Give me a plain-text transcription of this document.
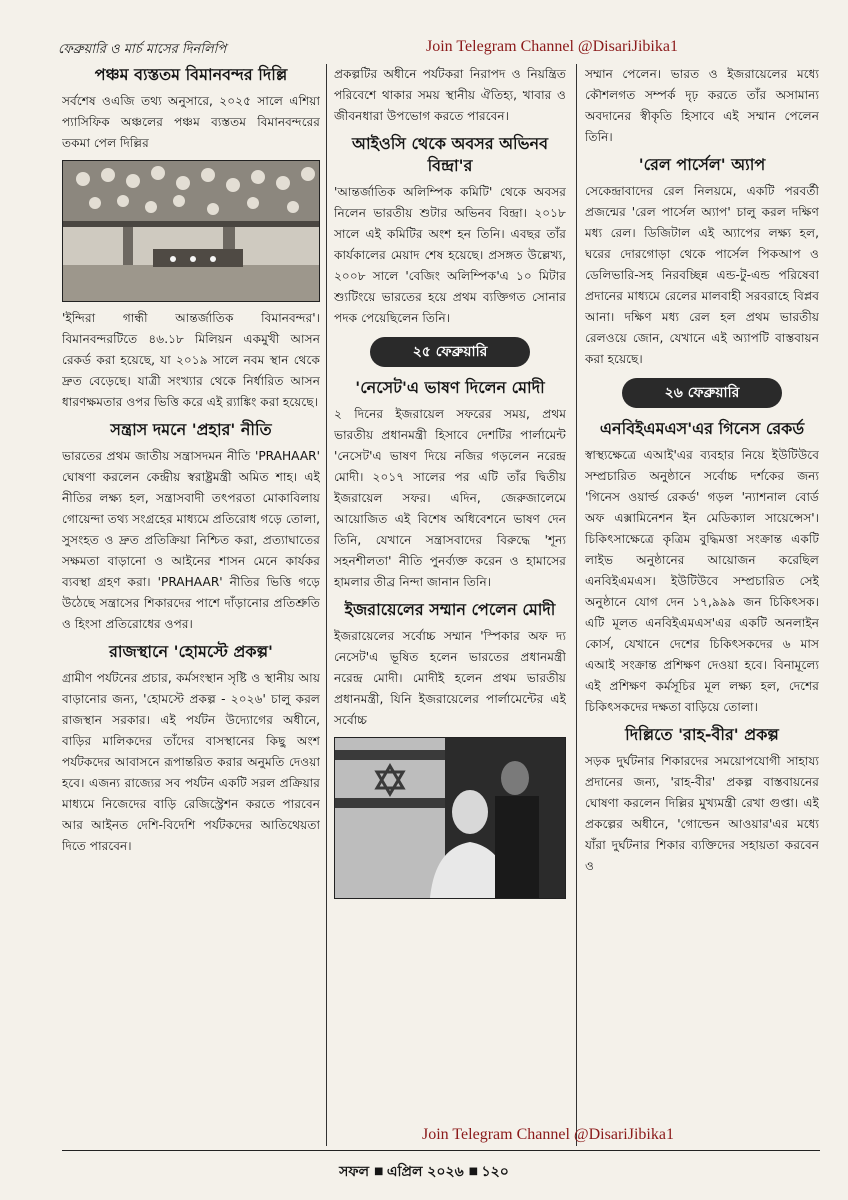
ফেব্রুয়ারি ও মার্চ মাসের দিনলিপি	Join Telegram Channel @DisariJibika1
পঞ্চম ব্যস্ততম বিমানবন্দর দিল্লি

সর্বশেষ ওএজি তথ্য অনুসারে, ২০২৫ সালে এশিয়া প্যাসিফিক অঞ্চলের পঞ্চম ব্যস্ততম বিমানবন্দরের তকমা পেল দিল্লির

'ইন্দিরা গান্ধী আন্তর্জাতিক বিমানবন্দর'। বিমানবন্দরটিতে ৪৬.১৮ মিলিয়ন একমুখী আসন রেকর্ড করা হয়েছে, যা ২০১৯ সালে নবম স্থান থেকে দ্রুত বেড়েছে। যাত্রী সংখ্যার থেকে নির্ধারিত আসন ধারণক্ষমতার ওপর ভিত্তি করে এই র‍্যাঙ্কিং করা হয়েছে।

সন্ত্রাস দমনে 'প্রহার' নীতি

ভারতের প্রথম জাতীয় সন্ত্রাসদমন নীতি 'PRAHAAR' ঘোষণা করলেন কেন্দ্রীয় স্বরাষ্ট্রমন্ত্রী অমিত শাহ। এই নীতির লক্ষ্য হল, সন্ত্রাসবাদী তৎপরতা মোকাবিলায় গোয়েন্দা তথ্য সংগ্রহের মাধ্যমে প্রতিরোধ গড়ে তোলা, সুসংহত ও দ্রুত প্রতিক্রিয়া নিশ্চিত করা, প্রত্যাঘাতের সক্ষমতা বাড়ানো ও আইনের শাসন মেনে কার্যকর ব্যবস্থা গ্রহণ করা। 'PRAHAAR' নীতির ভিত্তি গড়ে উঠেছে সন্ত্রাসের শিকারদের পাশে দাঁড়ানোর প্রতিশ্রুতি ও হিংসা প্রতিরোধের ওপর।

রাজস্থানে 'হোমস্টে প্রকল্প'

গ্রামীণ পর্যটনের প্রচার, কর্মসংস্থান সৃষ্টি ও স্থানীয় আয় বাড়ানোর জন্য, 'হোমস্টে প্রকল্প - ২০২৬' চালু করল রাজস্থান সরকার। এই পর্যটন উদ্যোগের অধীনে, বাড়ির মালিকদের তাঁদের বাসস্থানের কিছু অংশ পর্যটকদের আবাসনে রূপান্তরিত করার অনুমতি দেওয়া হবে। এজন্য রাজ্যের সব পর্যটন একটি সরল প্রক্রিয়ার মাধ্যমে নিজেদের বাড়ি রেজিস্ট্রেশন করতে পারবেন আর আইনত দেশি-বিদেশি পর্যটকদের আতিথেয়তা দিতে পারবেন।

প্রকল্পটির অধীনে পর্যটকরা নিরাপদ ও নিয়ন্ত্রিত পরিবেশে থাকার সময় স্থানীয় ঐতিহ্য, খাবার ও জীবনধারা উপভোগ করতে পারবেন।

আইওসি থেকে অবসর অভিনব বিন্দ্রা'র

'আন্তর্জাতিক অলিম্পিক কমিটি' থেকে অবসর নিলেন ভারতীয় শুটার অভিনব বিন্দ্রা। ২০১৮ সালে এই কমিটির অংশ হন তিনি। এবছর তাঁর কার্যকালের মেয়াদ শেষ হয়েছে। প্রসঙ্গত উল্লেখ্য, ২০০৮ সালে 'বেজিং অলিম্পিক'এ ১০ মিটার শ্যুটিংয়ে ভারতের হয়ে প্রথম ব্যক্তিগত সোনার পদক পেয়েছিলেন তিনি।

২৫ ফেব্রুয়ারি
'নেসেট'এ ভাষণ দিলেন মোদী

২ দিনের ইজরায়েল সফরের সময়, প্রথম ভারতীয় প্রধানমন্ত্রী হিসাবে দেশটির পার্লামেন্ট 'নেসেট'এ ভাষণ দিয়ে নজির গড়লেন নরেন্দ্র মোদী। ২০১৭ সালের পর এটি তাঁর দ্বিতীয় ইজরায়েল সফর। এদিন, জেরুজালেমে আয়োজিত এই বিশেষ অধিবেশনে ভাষণ দেন তিনি, যেখানে সন্ত্রাসবাদের বিরুদ্ধে 'শূন্য সহনশীলতা' নীতি পুনর্ব্যক্ত করেন ও হামাসের হামলার তীব্র নিন্দা জানান তিনি।

ইজরায়েলের সম্মান পেলেন মোদী

ইজরায়েলের সর্বোচ্চ সম্মান 'স্পিকার অফ দ্য নেসেট'এ ভূষিত হলেন ভারতের প্রধানমন্ত্রী নরেন্দ্র মোদী। মোদীই হলেন প্রথম ভারতীয় প্রধানমন্ত্রী, যিনি ইজরায়েলের পার্লামেন্টের এই সর্বোচ্চ

সম্মান পেলেন। ভারত ও ইজরায়েলের মধ্যে কৌশলগত সম্পর্ক দৃঢ় করতে তাঁর অসামান্য অবদানের স্বীকৃতি হিসাবে এই সম্মান পেলেন তিনি।

'রেল পার্সেল' অ্যাপ

সেকেন্দ্রাবাদের রেল নিলয়মে, একটি পরবর্তী প্রজন্মের 'রেল পার্সেল অ্যাপ' চালু করল দক্ষিণ মধ্য রেল। ডিজিটাল এই অ্যাপের লক্ষ্য হল, ঘরের দোরগোড়া থেকে পার্সেল পিকআপ ও ডেলিভারি-সহ নিরবচ্ছিন্ন এন্ড-টু-এন্ড পরিষেবা প্রদানের মাধ্যমে রেলের মালবাহী সরবরাহে বিপ্লব আনা। দক্ষিণ মধ্য রেল হল প্রথম ভারতীয় রেলওয়ে জোন, যেখানে এই অ্যাপটি বাস্তবায়ন করা হয়েছে।

২৬ ফেব্রুয়ারি
এনবিইএমএস'এর গিনেস রেকর্ড

স্বাস্থ্যক্ষেত্রে এআই'এর ব্যবহার নিয়ে ইউটিউবে সম্প্রচারিত অনুষ্ঠানে সর্বোচ্চ দর্শকের জন্য 'গিনেস ওয়ার্ল্ড রেকর্ড' গড়ল 'ন্যাশনাল বোর্ড অফ এক্সামিনেশন ইন মেডিক্যাল সায়েন্সেস'। চিকিৎসাক্ষেত্রে কৃত্রিম বুদ্ধিমত্তা সংক্রান্ত একটি লাইভ অনুষ্ঠানের আয়োজন করেছিল এনবিইএমএস। ইউটিউবে সম্প্রচারিত সেই অনুষ্ঠানে যোগ দেন ১৭,৯৯৯ জন চিকিৎসক। এটি মূলত এনবিইএমএস'এর একটি অনলাইন কোর্স, যেখানে দেশের চিকিৎসকদের ৬ মাস এআই সংক্রান্ত প্রশিক্ষণ দেওয়া হবে। বিনামূল্যে এই প্রশিক্ষণ কর্মসূচির মূল লক্ষ্য হল, দেশের চিকিৎসকদের দক্ষতা বাড়িয়ে তোলা।

দিল্লিতে 'রাহ-বীর' প্রকল্প

সড়ক দুর্ঘটনার শিকারদের সময়োপযোগী সাহায্য প্রদানের জন্য, 'রাহ-বীর' প্রকল্প বাস্তবায়নের ঘোষণা করলেন দিল্লির মুখ্যমন্ত্রী রেখা গুপ্তা। এই প্রকল্পের অধীনে, 'গোল্ডেন আওয়ার'এর মধ্যে যাঁরা দুর্ঘটনার শিকার ব্যক্তিদের সহায়তা করবেন ও

Join Telegram Channel @DisariJibika1
সফল ■ এপ্রিল ২০২৬ ■ ১২০
